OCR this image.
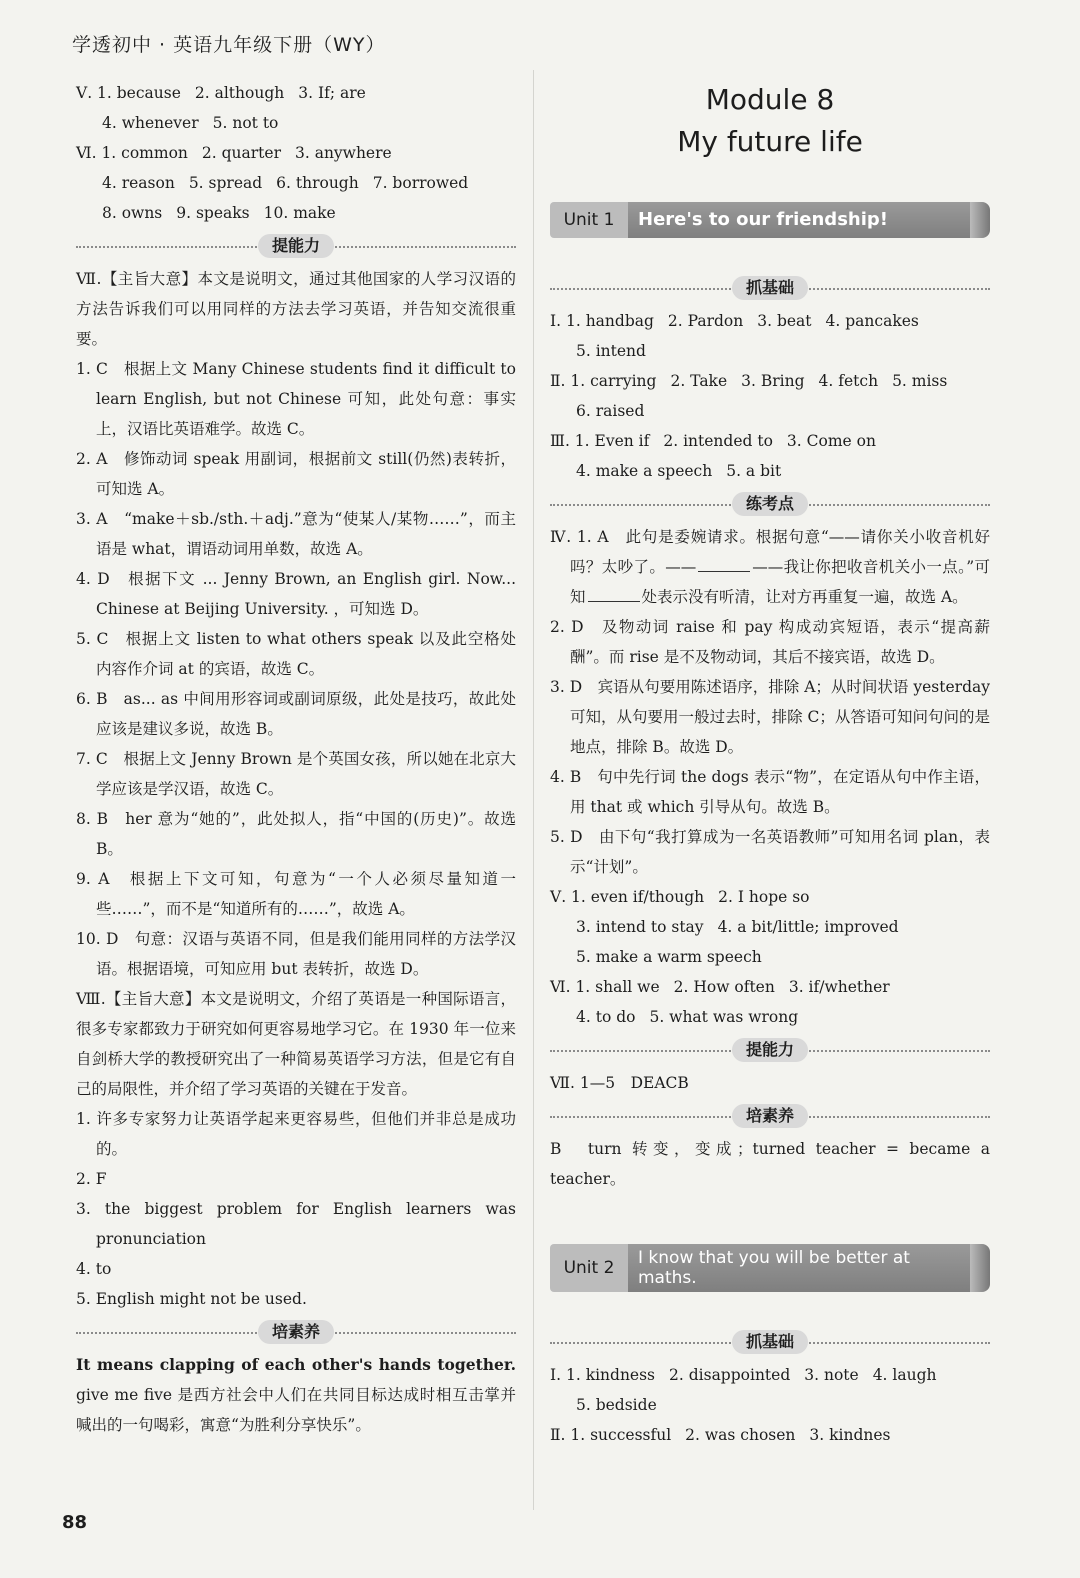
学透初中 · 英语九年级下册（WY）
Ⅴ. 1. because 2. although 3. If; are
4. whenever 5. not to
Ⅵ. 1. common 2. quarter 3. anywhere
4. reason 5. spread 6. through 7. borrowed
8. owns 9. speaks 10. make
提能力
Ⅶ.【主旨大意】本文是说明文，通过其他国家的人学习汉语的方法告诉我们可以用同样的方法去学习英语，并告知交流很重要。
1. C　根据上文 Many Chinese students find it difficult to learn English, but not Chinese 可知，此处句意：事实上，汉语比英语难学。故选 C。
2. A　修饰动词 speak 用副词，根据前文 still(仍然)表转折，可知选 A。
3. A　“make＋sb./sth.＋adj.”意为“使某人/某物……”，而主语是 what，谓语动词用单数，故选 A。
4. D　根据下文 ... Jenny Brown, an English girl. Now... Chinese at Beijing University. ，可知选 D。
5. C　根据上文 listen to what others speak 以及此空格处内容作介词 at 的宾语，故选 C。
6. B　as... as 中间用形容词或副词原级，此处是技巧，故此处应该是建议多说，故选 B。
7. C　根据上文 Jenny Brown 是个英国女孩，所以她在北京大学应该是学汉语，故选 C。
8. B　her 意为“她的”，此处拟人，指“中国的(历史)”。故选 B。
9. A　根据上下文可知，句意为“一个人必须尽量知道一些……”，而不是“知道所有的……”，故选 A。
10. D　句意：汉语与英语不同，但是我们能用同样的方法学汉语。根据语境，可知应用 but 表转折，故选 D。
Ⅷ.【主旨大意】本文是说明文，介绍了英语是一种国际语言，很多专家都致力于研究如何更容易地学习它。在 1930 年一位来自剑桥大学的教授研究出了一种简易英语学习方法，但是它有自己的局限性，并介绍了学习英语的关键在于发音。
1. 许多专家努力让英语学起来更容易些，但他们并非总是成功的。
2. F
3. the biggest problem for English learners was pronunciation
4. to
5. English might not be used.
培素养
It means clapping of each other's hands together. give me five 是西方社会中人们在共同目标达成时相互击掌并喊出的一句喝彩，寓意“为胜利分享快乐”。
Module 8
My future life
Unit 1	Here's to our friendship!
抓基础
Ⅰ. 1. handbag 2. Pardon 3. beat 4. pancakes
5. intend
Ⅱ. 1. carrying 2. Take 3. Bring 4. fetch 5. miss
6. raised
Ⅲ. 1. Even if 2. intended to 3. Come on
4. make a speech 5. a bit
练考点
Ⅳ. 1. A　此句是委婉请求。根据句意“——请你关小收音机好吗？太吵了。——	——我让你把收音机关小一点。”可知	处表示没有听清，让对方再重复一遍，故选 A。
2. D　及物动词 raise 和 pay 构成动宾短语，表示“提高薪酬”。而 rise 是不及物动词，其后不接宾语，故选 D。
3. D　宾语从句要用陈述语序，排除 A；从时间状语 yesterday 可知，从句要用一般过去时，排除 C；从答语可知问句问的是地点，排除 B。故选 D。
4. B　句中先行词 the dogs 表示“物”，在定语从句中作主语，用 that 或 which 引导从句。故选 B。
5. D　由下句“我打算成为一名英语教师”可知用名词 plan，表示“计划”。
Ⅴ. 1. even if/though 2. I hope so
3. intend to stay 4. a bit/little; improved
5. make a warm speech
Ⅵ. 1. shall we 2. How often 3. if/whether
4. to do 5. what was wrong
提能力
Ⅶ. 1—5　DEACB
培素养
B　turn 转变，变成；turned teacher = became a teacher。
Unit 2	I know that you will be better at maths.
抓基础
Ⅰ. 1. kindness 2. disappointed 3. note 4. laugh
5. bedside
Ⅱ. 1. successful 2. was chosen 3. kindnes
88
